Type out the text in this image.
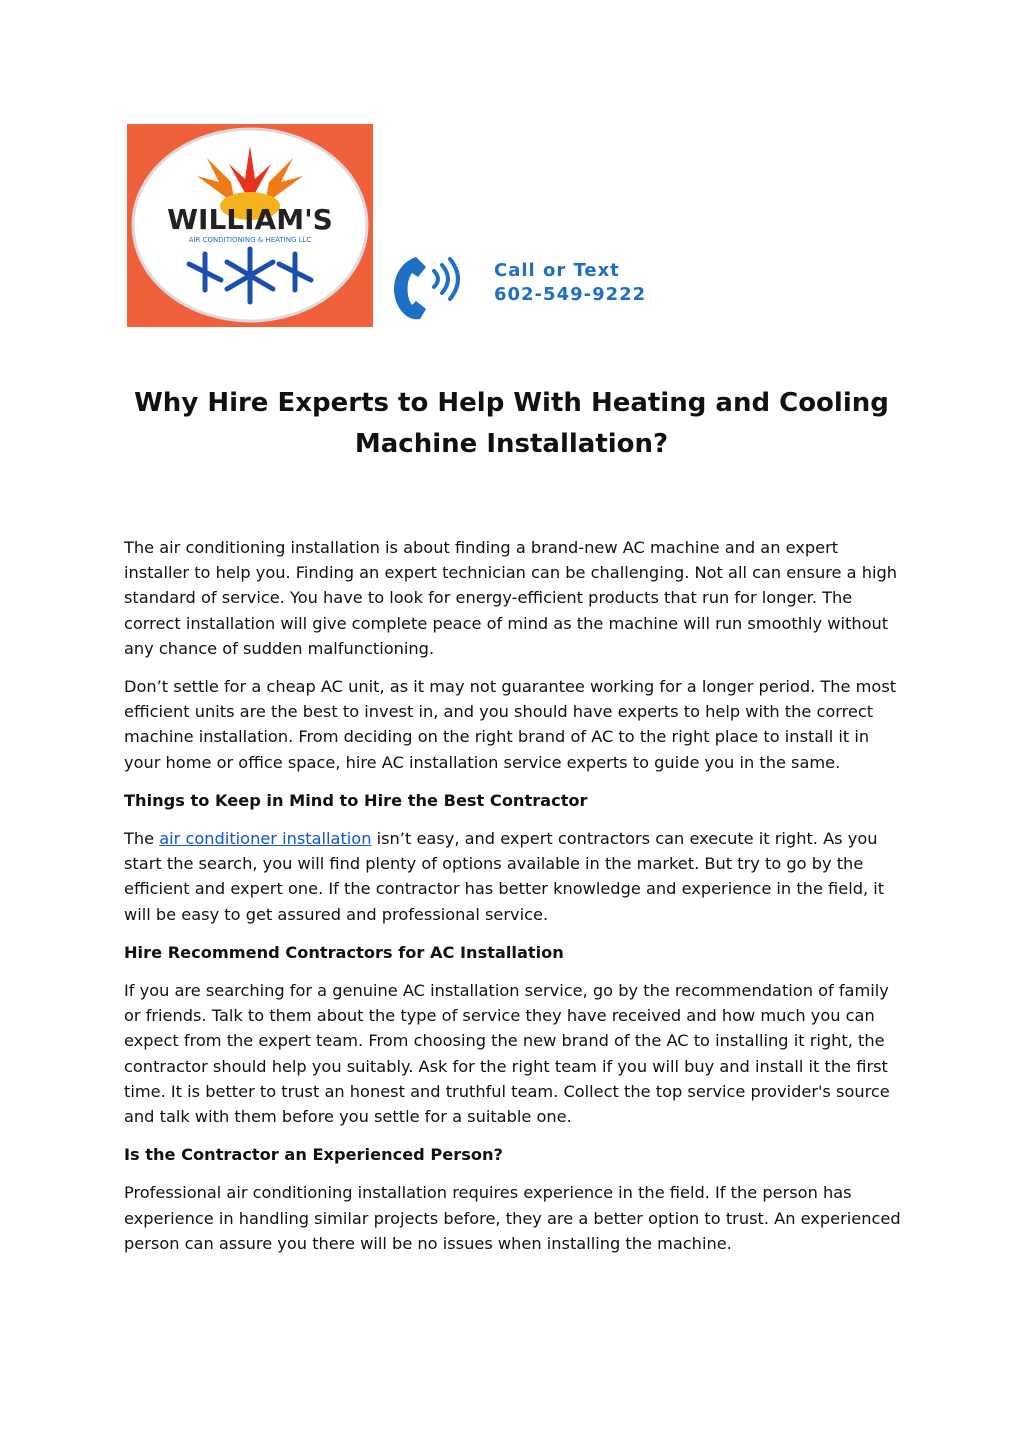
WILLIAM'S
AIR CONDITIONING & HEATING LLC
Call or Text
602-549-9222
Why Hire Experts to Help With Heating and Cooling Machine Installation?

The air conditioning installation is about finding a brand-new AC machine and an expert installer to help you. Finding an expert technician can be challenging. Not all can ensure a high standard of service. You have to look for energy-efficient products that run for longer. The correct installation will give complete peace of mind as the machine will run smoothly without any chance of sudden malfunctioning.

Don’t settle for a cheap AC unit, as it may not guarantee working for a longer period. The most efficient units are the best to invest in, and you should have experts to help with the correct machine installation. From deciding on the right brand of AC to the right place to install it in your home or office space, hire AC installation service experts to guide you in the same.

Things to Keep in Mind to Hire the Best Contractor

The air conditioner installation isn’t easy, and expert contractors can execute it right. As you start the search, you will find plenty of options available in the market. But try to go by the efficient and expert one. If the contractor has better knowledge and experience in the field, it will be easy to get assured and professional service.

Hire Recommend Contractors for AC Installation

If you are searching for a genuine AC installation service, go by the recommendation of family or friends. Talk to them about the type of service they have received and how much you can expect from the expert team. From choosing the new brand of the AC to installing it right, the contractor should help you suitably. Ask for the right team if you will buy and install it the first time. It is better to trust an honest and truthful team. Collect the top service provider's source and talk with them before you settle for a suitable one.

Is the Contractor an Experienced Person?

Professional air conditioning installation requires experience in the field. If the person has experience in handling similar projects before, they are a better option to trust. An experienced person can assure you there will be no issues when installing the machine.
